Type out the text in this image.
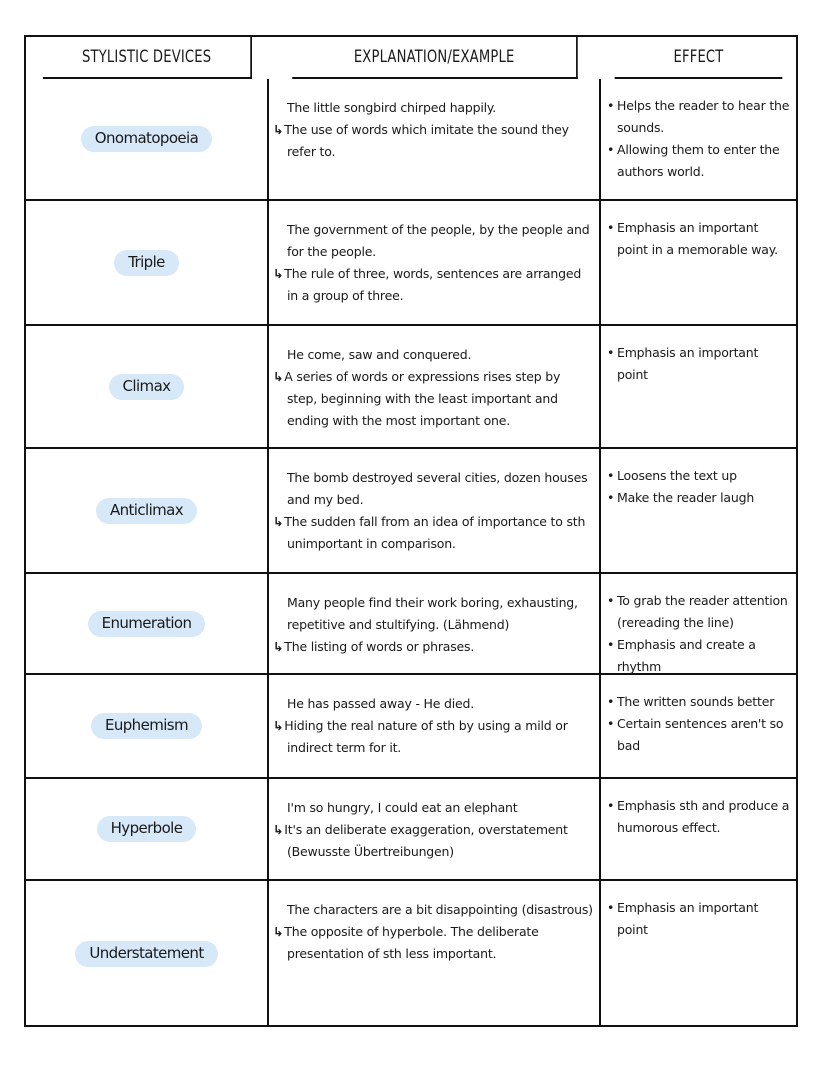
STYLISTIC DEVICES	EXPLANATION/EXAMPLE	EFFECT
Onomatopoeia
The little songbird chirped happily.
↳The use of words which imitate the sound they refer to.
• Helps the reader to hear the sounds.
• Allowing them to enter the authors world.
Triple
The government of the people, by the people and for the people.
↳The rule of three, words, sentences are arranged in a group of three.
• Emphasis an important point in a memorable way.
Climax
He come, saw and conquered.
↳A series of words or expressions rises step by step, beginning with the least important and ending with the most important one.
• Emphasis an important point
Anticlimax
The bomb destroyed several cities, dozen houses and my bed.
↳The sudden fall from an idea of importance to sth unimportant in comparison.
• Loosens the text up
• Make the reader laugh
Enumeration
Many people find their work boring, exhausting, repetitive and stultifying. (Lähmend)
↳The listing of words or phrases.
• To grab the reader attention (rereading the line)
• Emphasis and create a rhythm
Euphemism
He has passed away - He died.
↳Hiding the real nature of sth by using a mild or indirect term for it.
• The written sounds better
• Certain sentences aren't so bad
Hyperbole
I'm so hungry, I could eat an elephant
↳It's an deliberate exaggeration, overstatement (Bewusste Übertreibungen)
• Emphasis sth and produce a humorous effect.
Understatement
The characters are a bit disappointing (disastrous)
↳The opposite of hyperbole. The deliberate presentation of sth less important.
• Emphasis an important point
